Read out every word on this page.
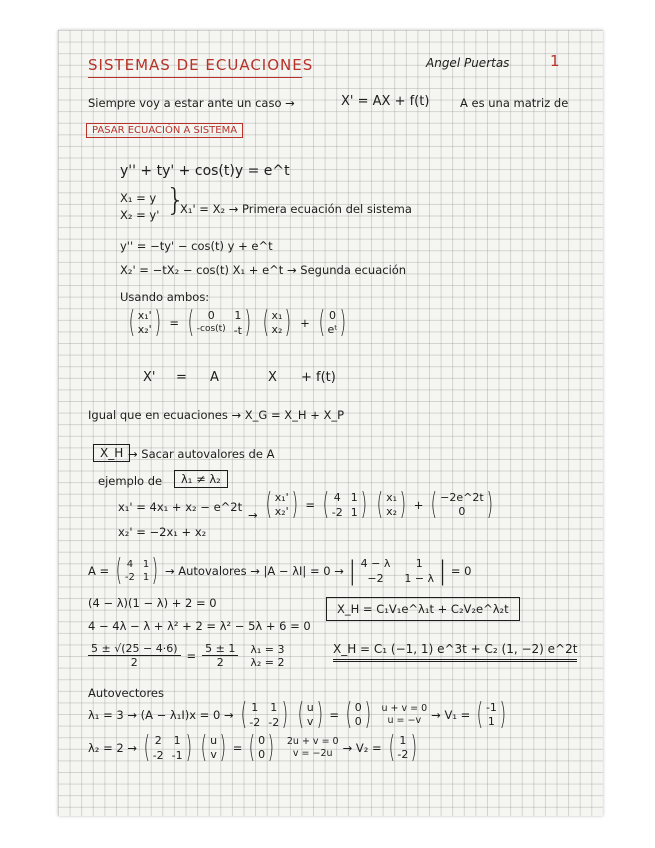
SISTEMAS DE ECUACIONES	Angel Puertas	1
Siempre voy a estar ante un caso →	X' = AX + f(t)	A es una matriz de
PASAR ECUACIÓN A SISTEMA
y'' + ty' + cos(t)y = e^t
X₁ = y
X₂ = y' }
X₁' = X₂ → Primera ecuación del sistema
y'' = −ty' − cos(t) y + e^t
X₂' = −tX₂ − cos(t) X₁ + e^t → Segunda ecuación
Usando ambos:
( x₁'
x₂' ) = (	0	1
-cos(t) -t ) ( x₁
x₂ ) + ( 0
eᵗ )
X' = A	X + f(t)
Igual que en ecuaciones → X_G = X_H + X_P
X_H → Sacar autovalores de A
ejemplo de	λ₁ ≠ λ₂
x₁' = 4x₁ + x₂ − e^2t
x₂' = −2x₁ + x₂
→ ( x₁'
x₂' ) = ( 4 1
-2 1 ) ( x₁
x₂ ) + ( −2e^2t
0 )
A = ( 4 1
-2 1 ) → Autovalores → |A − λI| = 0 → | 4 − λ	1
−2	1 − λ | = 0
(4 − λ)(1 − λ) + 2 = 0
4 − 4λ − λ + λ² + 2 = λ² − 5λ + 6 = 0
$\frac{5 \pm √(25 - 4\cdot 6)}{2} = \frac{5 \pm 1}{2} \lambda_1 = 3$
λ₂ = 2
X_H = C₁V₁e^λ₁t + C₂V₂e^λ₂t
X_H = C₁ (−1, 1) e^3t + C₂ (1, −2) e^2t
Autovectores
λ₁ = 3 → (A − λ₁I)x = 0 → ( 1 1
-2 -2 ) ( u
v ) = ( 0
0 ) u + v = 0
u = −v → V₁ = ( -1
1 )
λ₂ = 2 → ( 2 1
-2 -1 ) ( u
v ) = ( 0
0 ) 2u + v = 0
v = −2u → V₂ = ( 1
-2 )
